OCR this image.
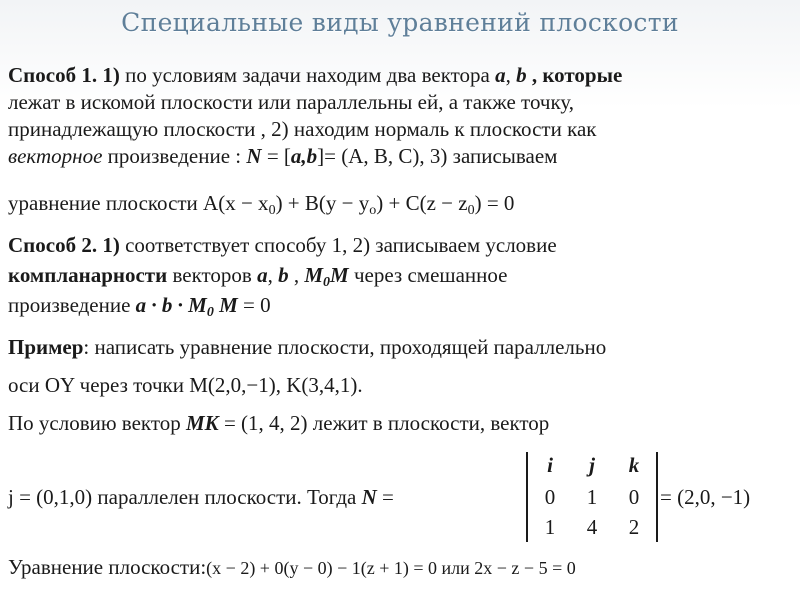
Специальные виды уравнений плоскости
Способ 1. 1) по условиям задачи находим два вектора a, b , которые
лежат в искомой плоскости или параллельны ей, а также точку,
принадлежащую плоскости , 2) находим нормаль к плоскости как
векторное произведение : N = [a,b]= (A, B, C), 3) записываем
уравнение плоскости $A(x - x_0) + B(y - y_o) + C(z - z_0) = 0$
Способ 2. 1) соответствует способу 1, 2) записываем условие
компланарности векторов a, b , $M_0M$ через смешанное
произведение $a \cdot b \cdot M_0$ M = 0
Пример: написать уравнение плоскости, проходящей параллельно
оси OY через точки M(2,0,−1), K(3,4,1).
По условию вектор MK = (1, 4, 2) лежит в плоскости, вектор
j = (0,1,0) параллелен плоскости. Тогда N =
i	j	k
0	1	0
1	4	2
= (2,0, −1)
Уравнение плоскости:(x − 2) + 0(y − 0) − 1(z + 1) = 0 или 2x − z − 5 = 0
